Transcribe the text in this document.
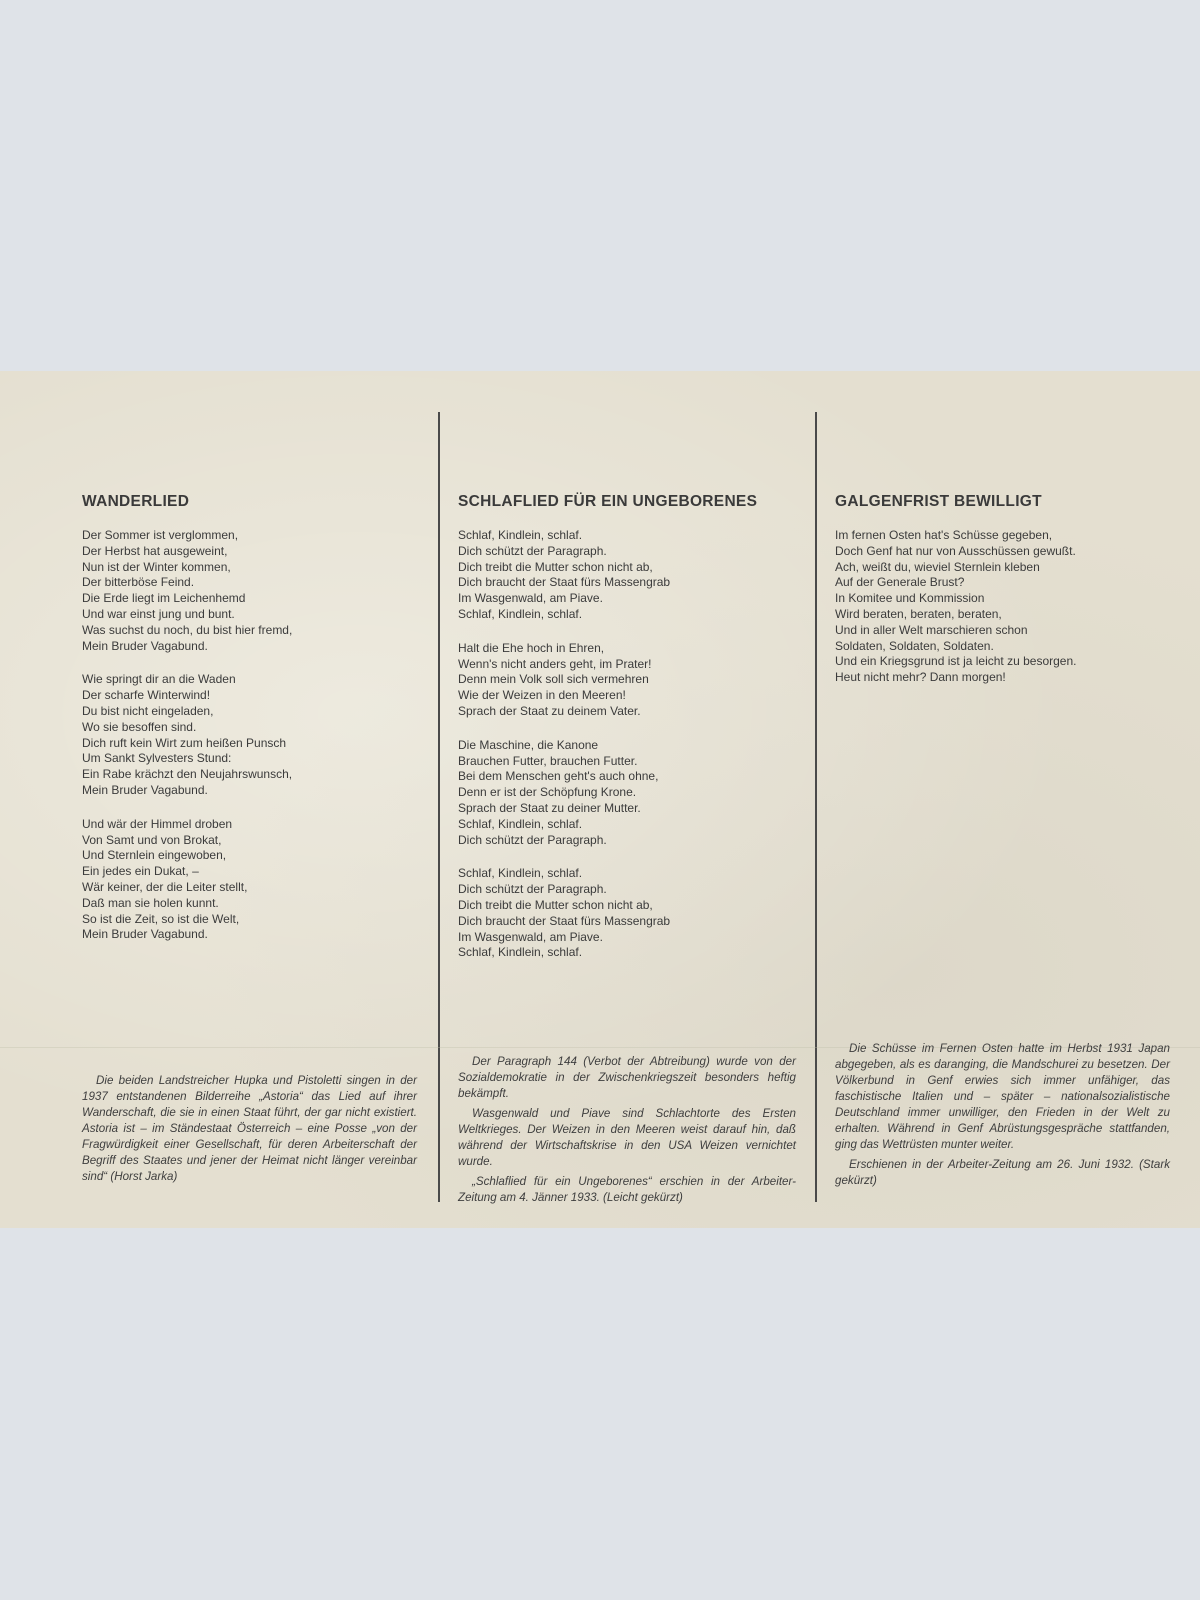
WANDERLIED
Der Sommer ist verglommen,
Der Herbst hat ausgeweint,
Nun ist der Winter kommen,
Der bitterböse Feind.
Die Erde liegt im Leichenhemd
Und war einst jung und bunt.
Was suchst du noch, du bist hier fremd,
Mein Bruder Vagabund.
Wie springt dir an die Waden
Der scharfe Winterwind!
Du bist nicht eingeladen,
Wo sie besoffen sind.
Dich ruft kein Wirt zum heißen Punsch
Um Sankt Sylvesters Stund:
Ein Rabe krächzt den Neujahrswunsch,
Mein Bruder Vagabund.
Und wär der Himmel droben
Von Samt und von Brokat,
Und Sternlein eingewoben,
Ein jedes ein Dukat, –
Wär keiner, der die Leiter stellt,
Daß man sie holen kunnt.
So ist die Zeit, so ist die Welt,
Mein Bruder Vagabund.
SCHLAFLIED FÜR EIN UNGEBORENES
Schlaf, Kindlein, schlaf.
Dich schützt der Paragraph.
Dich treibt die Mutter schon nicht ab,
Dich braucht der Staat fürs Massengrab
Im Wasgenwald, am Piave.
Schlaf, Kindlein, schlaf.
Halt die Ehe hoch in Ehren,
Wenn's nicht anders geht, im Prater!
Denn mein Volk soll sich vermehren
Wie der Weizen in den Meeren!
Sprach der Staat zu deinem Vater.
Die Maschine, die Kanone
Brauchen Futter, brauchen Futter.
Bei dem Menschen geht's auch ohne,
Denn er ist der Schöpfung Krone.
Sprach der Staat zu deiner Mutter.
Schlaf, Kindlein, schlaf.
Dich schützt der Paragraph.
Schlaf, Kindlein, schlaf.
Dich schützt der Paragraph.
Dich treibt die Mutter schon nicht ab,
Dich braucht der Staat fürs Massengrab
Im Wasgenwald, am Piave.
Schlaf, Kindlein, schlaf.
GALGENFRIST BEWILLIGT
Im fernen Osten hat's Schüsse gegeben,
Doch Genf hat nur von Ausschüssen gewußt.
Ach, weißt du, wieviel Sternlein kleben
Auf der Generale Brust?
In Komitee und Kommission
Wird beraten, beraten, beraten,
Und in aller Welt marschieren schon
Soldaten, Soldaten, Soldaten.
Und ein Kriegsgrund ist ja leicht zu besorgen.
Heut nicht mehr? Dann morgen!

Die beiden Landstreicher Hupka und Pistoletti singen in der 1937 entstandenen Bilderreihe „Astoria“ das Lied auf ihrer Wanderschaft, die sie in einen Staat führt, der gar nicht existiert. Astoria ist – im Ständestaat Österreich – eine Posse „von der Fragwürdigkeit einer Gesellschaft, für deren Arbeiterschaft der Begriff des Staates und jener der Heimat nicht länger vereinbar sind“ (Horst Jarka)

Der Paragraph 144 (Verbot der Abtreibung) wurde von der Sozialdemokratie in der Zwischenkriegszeit besonders heftig bekämpft.

Wasgenwald und Piave sind Schlachtorte des Ersten Weltkrieges. Der Weizen in den Meeren weist darauf hin, daß während der Wirtschaftskrise in den USA Weizen vernichtet wurde.

„Schlaflied für ein Ungeborenes“ erschien in der Arbeiter-Zeitung am 4. Jänner 1933. (Leicht gekürzt)

Die Schüsse im Fernen Osten hatte im Herbst 1931 Japan abgegeben, als es daranging, die Mandschurei zu besetzen. Der Völkerbund in Genf erwies sich immer unfähiger, das faschistische Italien und – später – nationalsozialistische Deutschland immer unwilliger, den Frieden in der Welt zu erhalten. Während in Genf Abrüstungsgespräche stattfanden, ging das Wettrüsten munter weiter.

Erschienen in der Arbeiter-Zeitung am 26. Juni 1932. (Stark gekürzt)
